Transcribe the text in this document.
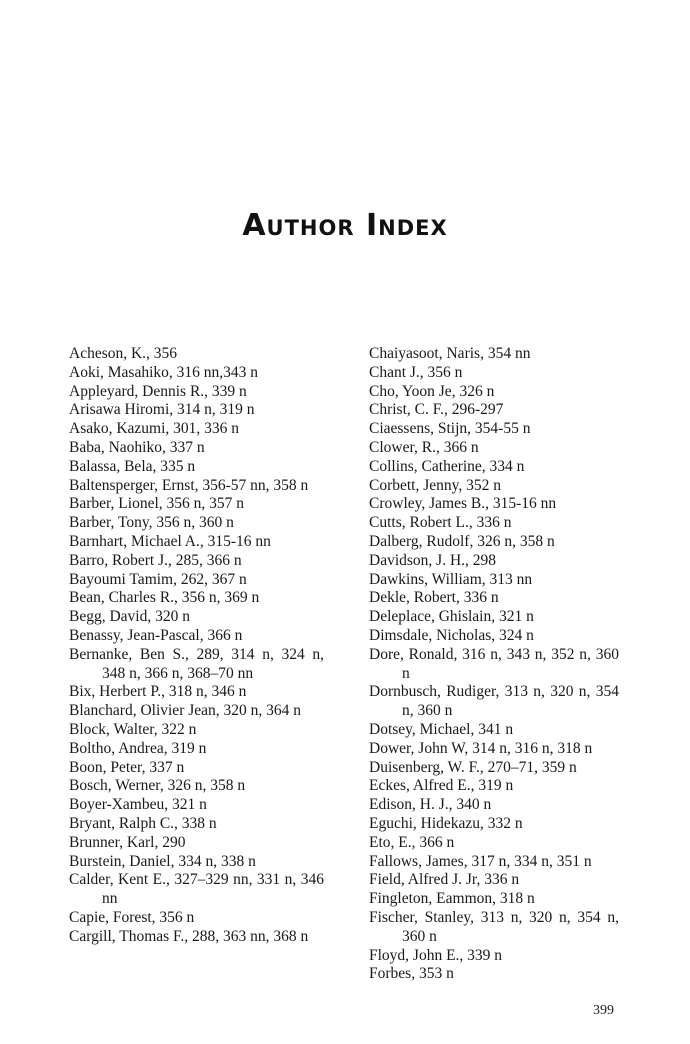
Author Index
Acheson, K., 356
Aoki, Masahiko, 316 nn,343 n
Appleyard, Dennis R., 339 n
Arisawa Hiromi, 314 n, 319 n
Asako, Kazumi, 301, 336 n
Baba, Naohiko, 337 n
Balassa, Bela, 335 n
Baltensperger, Ernst, 356-57 nn, 358 n
Barber, Lionel, 356 n, 357 n
Barber, Tony, 356 n, 360 n
Barnhart, Michael A., 315-16 nn
Barro, Robert J., 285, 366 n
Bayoumi Tamim, 262, 367 n
Bean, Charles R., 356 n, 369 n
Begg, David, 320 n
Benassy, Jean-Pascal, 366 n
Bernanke, Ben S., 289, 314 n, 324 n, 348 n, 366 n, 368–70 nn
Bix, Herbert P., 318 n, 346 n
Blanchard, Olivier Jean, 320 n, 364 n
Block, Walter, 322 n
Boltho, Andrea, 319 n
Boon, Peter, 337 n
Bosch, Werner, 326 n, 358 n
Boyer-Xambeu, 321 n
Bryant, Ralph C., 338 n
Brunner, Karl, 290
Burstein, Daniel, 334 n, 338 n
Calder, Kent E., 327–329 nn, 331 n, 346 nn
Capie, Forest, 356 n
Cargill, Thomas F., 288, 363 nn, 368 n
Chaiyasoot, Naris, 354 nn
Chant J., 356 n
Cho, Yoon Je, 326 n
Christ, C. F., 296-297
Ciaessens, Stijn, 354-55 n
Clower, R., 366 n
Collins, Catherine, 334 n
Corbett, Jenny, 352 n
Crowley, James B., 315-16 nn
Cutts, Robert L., 336 n
Dalberg, Rudolf, 326 n, 358 n
Davidson, J. H., 298
Dawkins, William, 313 nn
Dekle, Robert, 336 n
Deleplace, Ghislain, 321 n
Dimsdale, Nicholas, 324 n
Dore, Ronald, 316 n, 343 n, 352 n, 360 n
Dornbusch, Rudiger, 313 n, 320 n, 354 n, 360 n
Dotsey, Michael, 341 n
Dower, John W, 314 n, 316 n, 318 n
Duisenberg, W. F., 270–71, 359 n
Eckes, Alfred E., 319 n
Edison, H. J., 340 n
Eguchi, Hidekazu, 332 n
Eto, E., 366 n
Fallows, James, 317 n, 334 n, 351 n
Field, Alfred J. Jr, 336 n
Fingleton, Eammon, 318 n
Fischer, Stanley, 313 n, 320 n, 354 n, 360 n
Floyd, John E., 339 n
Forbes, 353 n
399
